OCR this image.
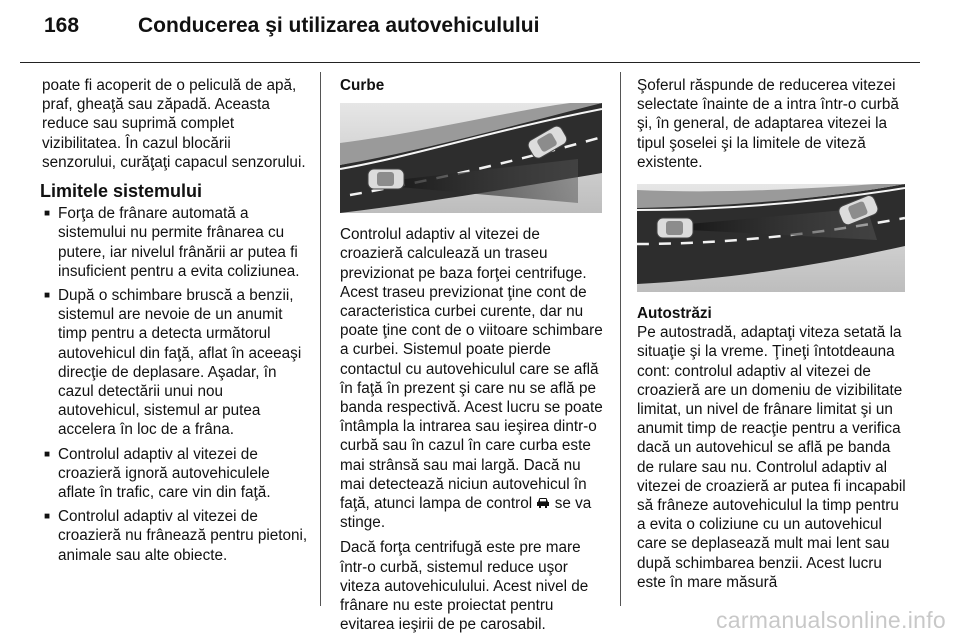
168	Conducerea şi utilizarea autovehiculului

poate fi acoperit de o peliculă de apă, praf, gheaţă sau zăpadă. Aceasta reduce sau suprimă complet vizibilitatea. În cazul blocării senzorului, curăţaţi capacul senzorului.

Limitele sistemului
■ Forţa de frânare automată a sistemului nu permite frânarea cu putere, iar nivelul frânării ar putea fi insuficient pentru a evita coliziunea.
■ După o schimbare bruscă a benzii, sistemul are nevoie de un anumit timp pentru a detecta următorul autovehicul din faţă, aflat în aceeaşi direcţie de deplasare. Aşadar, în cazul detectării unui nou autovehicul, sistemul ar putea accelera în loc de a frâna.
■ Controlul adaptiv al vitezei de croazieră ignoră autovehiculele aflate în trafic, care vin din faţă.
■ Controlul adaptiv al vitezei de croazieră nu frânează pentru pietoni, animale sau alte obiecte.
Curbe

Controlul adaptiv al vitezei de croazieră calculează un traseu previzionat pe baza forţei centrifuge. Acest traseu previzionat ţine cont de caracteristica curbei curente, dar nu poate ţine cont de o viitoare schimbare a curbei. Sistemul poate pierde contactul cu autovehiculul care se află în faţă în prezent şi care nu se află pe banda respectivă. Acest lucru se poate întâmpla la intrarea sau ieşirea dintr-o curbă sau în cazul în care curba este mai strânsă sau mai largă. Dacă nu mai detectează niciun autovehicul în faţă, atunci lampa de control se va stinge.

Dacă forţa centrifugă este pre mare într-o curbă, sistemul reduce uşor viteza autovehiculului. Acest nivel de frânare nu este proiectat pentru evitarea ieşirii de pe carosabil.

Şoferul răspunde de reducerea vitezei selectate înainte de a intra într-o curbă şi, în general, de adaptarea vitezei la tipul şoselei şi la limitele de viteză existente.

Autostrăzi

Pe autostradă, adaptaţi viteza setată la situaţie şi la vreme. Ţineţi întotdeauna cont: controlul adaptiv al vitezei de croazieră are un domeniu de vizibilitate limitat, un nivel de frânare limitat şi un anumit timp de reacţie pentru a verifica dacă un autovehicul se află pe banda de rulare sau nu. Controlul adaptiv al vitezei de croazieră ar putea fi incapabil să frâneze autovehiculul la timp pentru a evita o coliziune cu un autovehicul care se deplasează mult mai lent sau după schimbarea benzii. Acest lucru este în mare măsură

carmanualsonline.info
